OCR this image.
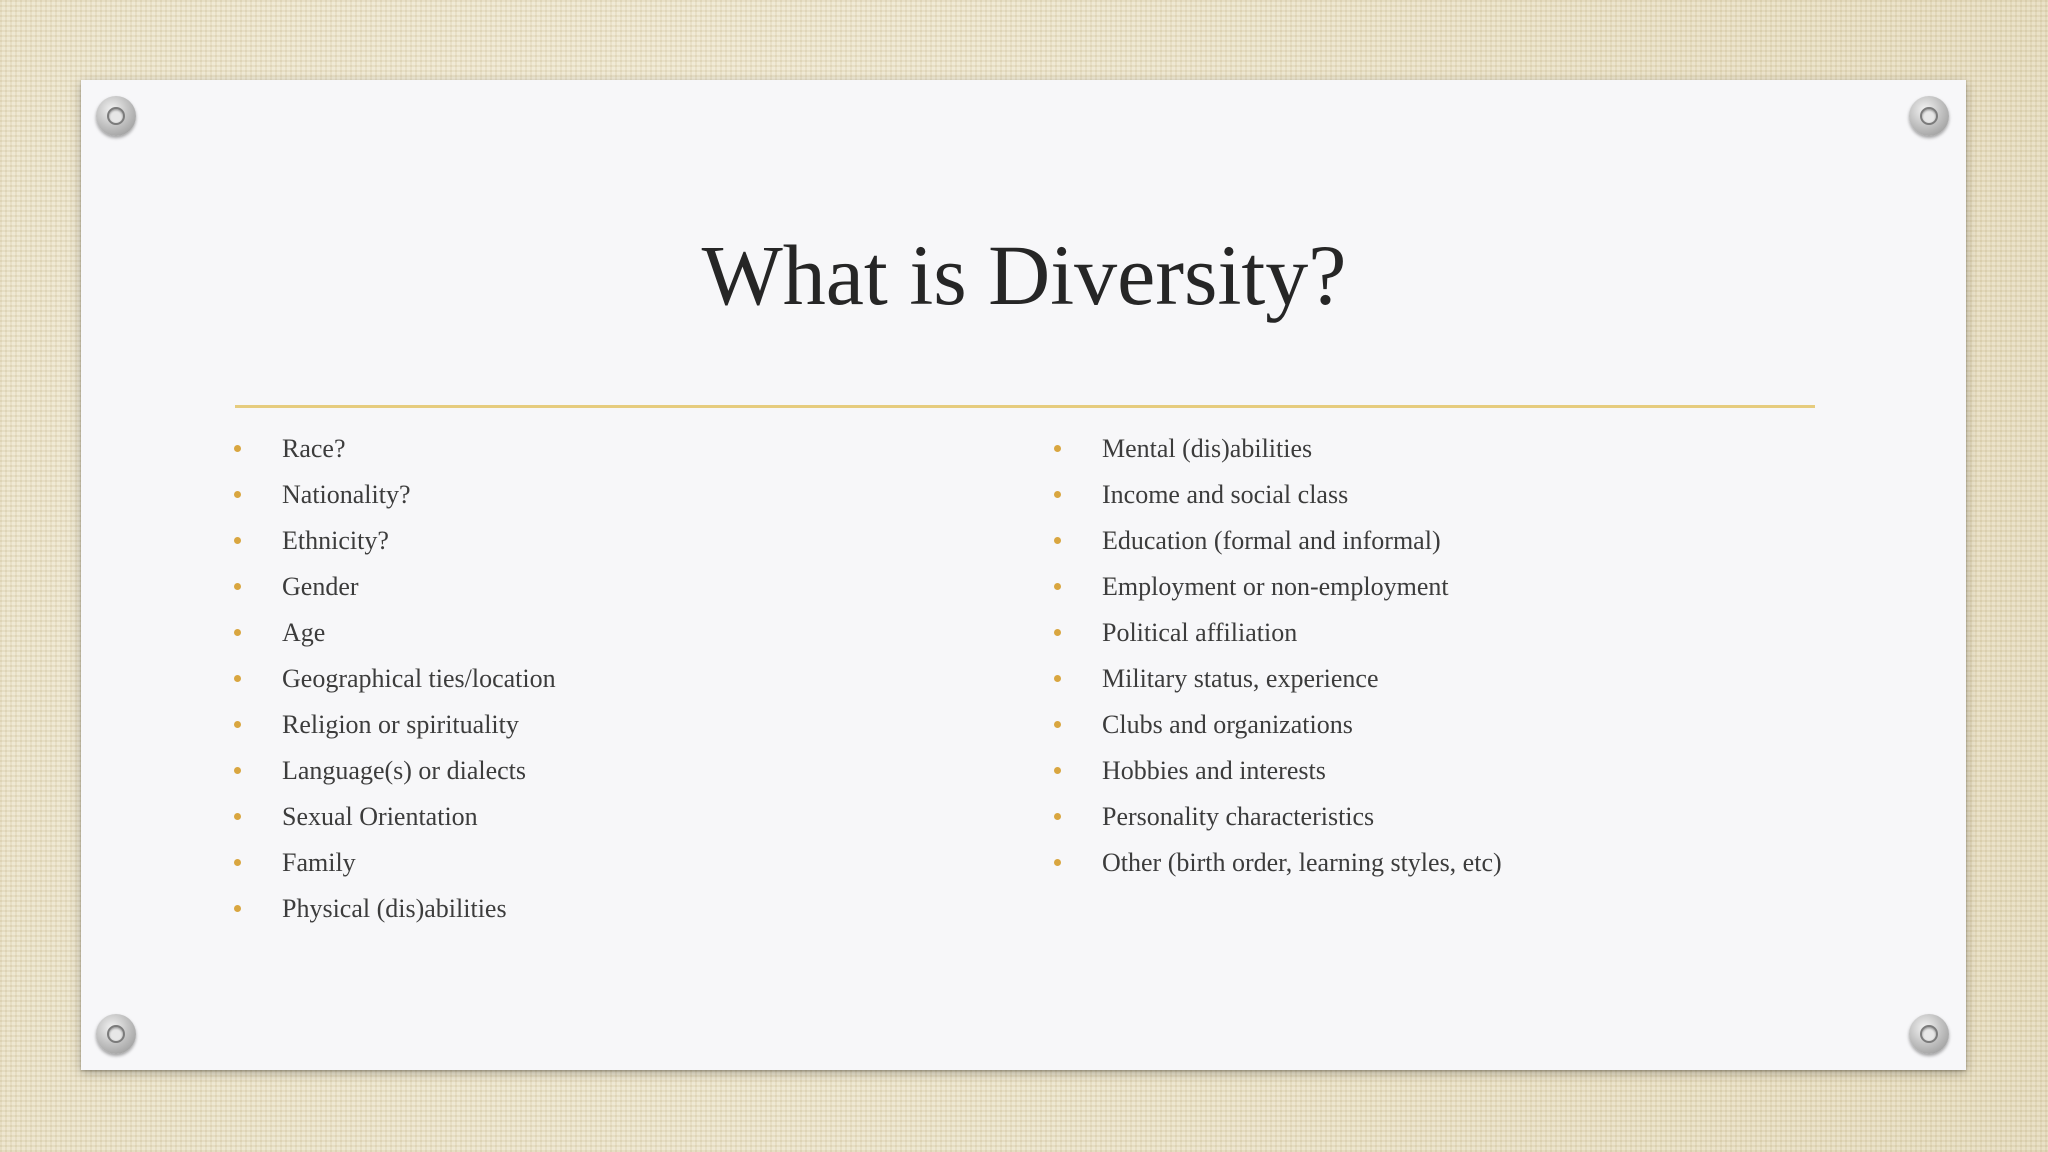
What is Diversity?
Race?
Nationality?
Ethnicity?
Gender
Age
Geographical ties/location
Religion or spirituality
Language(s) or dialects
Sexual Orientation
Family
Physical (dis)abilities
Mental (dis)abilities
Income and social class
Education (formal and informal)
Employment or non-employment
Political affiliation
Military status, experience
Clubs and organizations
Hobbies and interests
Personality characteristics
Other (birth order, learning styles, etc)
